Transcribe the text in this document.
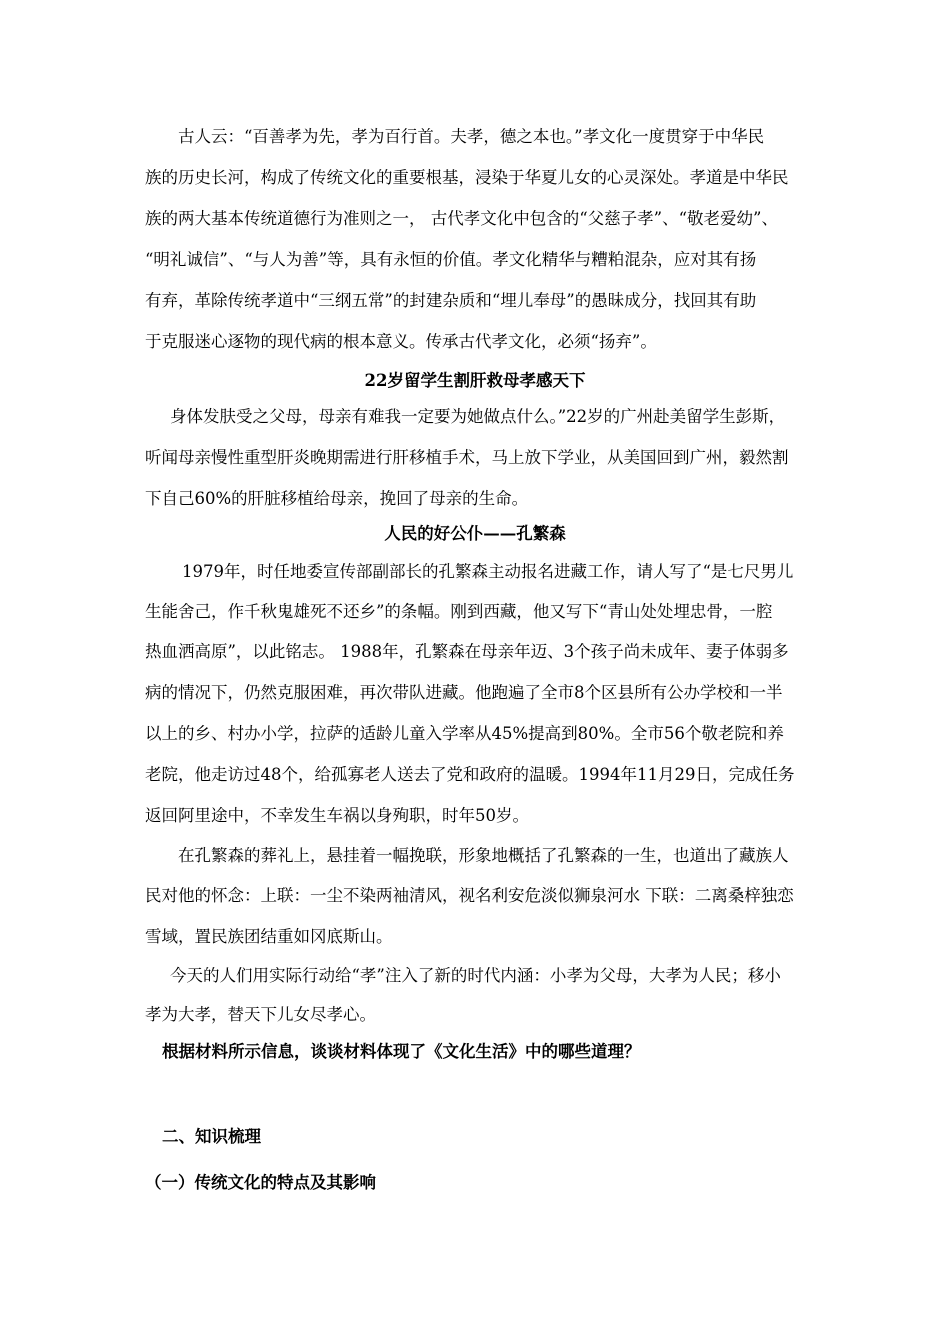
古人云：“百善孝为先，孝为百行首。夫孝，德之本也。”孝文化一度贯穿于中华民
族的历史长河，构成了传统文化的重要根基，浸染于华夏儿女的心灵深处。孝道是中华民
族的两大基本传统道德行为准则之一， 古代孝文化中包含的“父慈子孝”、“敬老爱幼”、
“明礼诚信”、“与人为善”等，具有永恒的价值。孝文化精华与糟粕混杂，应对其有扬
有弃，革除传统孝道中“三纲五常”的封建杂质和“埋儿奉母”的愚昧成分，找回其有助
于克服迷心逐物的现代病的根本意义。传承古代孝文化，必须“扬弃”。
22岁留学生割肝救母孝感天下
身体发肤受之父母，母亲有难我一定要为她做点什么。”22岁的广州赴美留学生彭斯，
听闻母亲慢性重型肝炎晚期需进行肝移植手术，马上放下学业，从美国回到广州，毅然割
下自己60%的肝脏移植给母亲，挽回了母亲的生命。
人民的好公仆——孔繁森
1979年，时任地委宣传部副部长的孔繁森主动报名进藏工作，请人写了“是七尺男儿
生能舍己，作千秋鬼雄死不还乡”的条幅。刚到西藏，他又写下“青山处处埋忠骨，一腔
热血洒高原”，以此铭志。 1988年，孔繁森在母亲年迈、3个孩子尚未成年、妻子体弱多
病的情况下，仍然克服困难，再次带队进藏。他跑遍了全市8个区县所有公办学校和一半
以上的乡、村办小学，拉萨的适龄儿童入学率从45%提高到80%。全市56个敬老院和养
老院，他走访过48个，给孤寡老人送去了党和政府的温暖。1994年11月29日，完成任务
返回阿里途中，不幸发生车祸以身殉职，时年50岁。
在孔繁森的葬礼上，悬挂着一幅挽联，形象地概括了孔繁森的一生，也道出了藏族人
民对他的怀念：上联：一尘不染两袖清风，视名利安危淡似狮泉河水 下联：二离桑梓独恋
雪域，置民族团结重如冈底斯山。
今天的人们用实际行动给“孝”注入了新的时代内涵：小孝为父母，大孝为人民；移小
孝为大孝，替天下儿女尽孝心。
根据材料所示信息，谈谈材料体现了《文化生活》中的哪些道理？
二、知识梳理
（一）传统文化的特点及其影响
